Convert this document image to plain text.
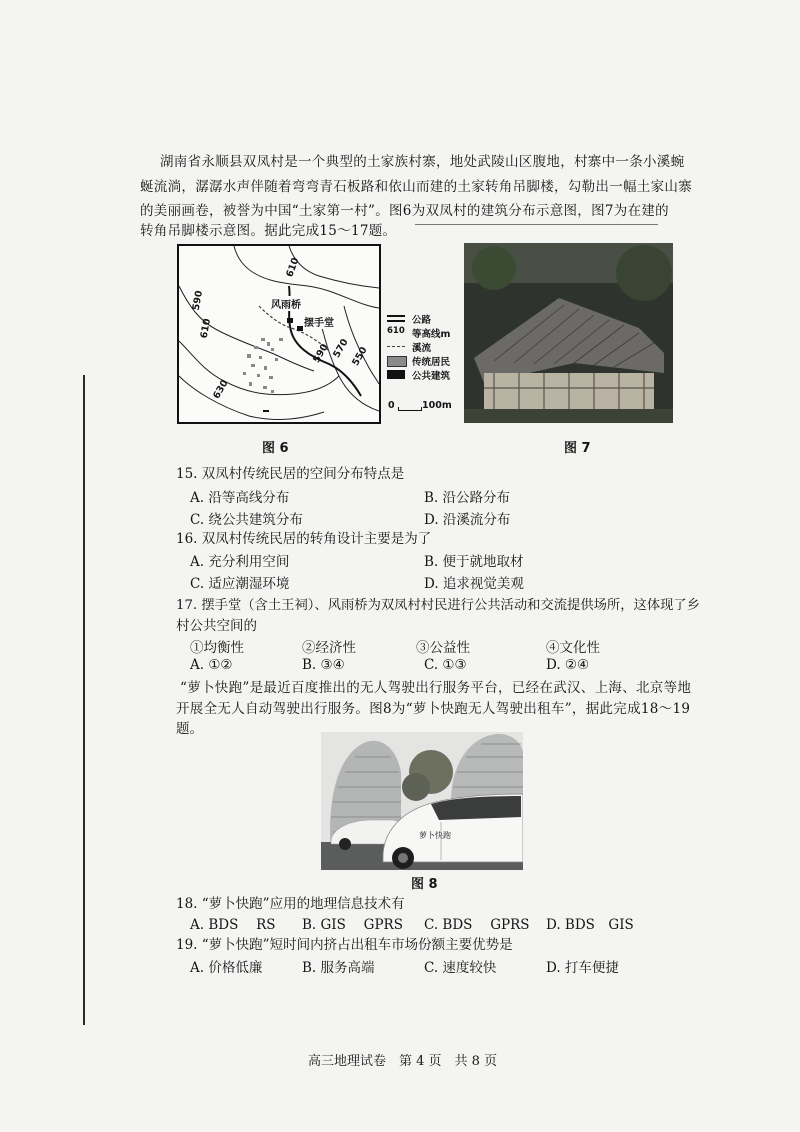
湖南省永顺县双凤村是一个典型的土家族村寨，地处武陵山区腹地，村寨中一条小溪蜿
蜒流淌，潺潺水声伴随着弯弯青石板路和依山而建的土家转角吊脚楼，勾勒出一幅土家山寨
的美丽画卷，被誉为中国“土家第一村”。图6为双凤村的建筑分布示意图，图7为在建的
转角吊脚楼示意图。据此完成15～17题。
610
590
610
630
590 570 550
风雨桥
摆手堂	公路
610 等高线m
溪流
传统居民
公共建筑
0	100m
图 6	图 7
15. 双凤村传统民居的空间分布特点是
A. 沿等高线分布	B. 沿公路分布
C. 绕公共建筑分布	D. 沿溪流分布
16. 双凤村传统民居的转角设计主要是为了
A. 充分利用空间	B. 便于就地取材
C. 适应潮湿环境	D. 追求视觉美观
17. 摆手堂（含土王祠）、风雨桥为双凤村村民进行公共活动和交流提供场所，这体现了乡
村公共空间的
①均衡性	②经济性	③公益性	④文化性
A. ①②	B. ③④	C. ①③	D. ②④
“萝卜快跑”是最近百度推出的无人驾驶出行服务平台，已经在武汉、上海、北京等地
开展全无人自动驾驶出行服务。图8为“萝卜快跑无人驾驶出租车”，据此完成18～19
题。
萝卜快跑
图 8
18. “萝卜快跑”应用的地理信息技术有
A. BDS　 RS B. GIS　 GPRS C. BDS　 GPRS D. BDS　GIS
19. “萝卜快跑”短时间内挤占出租车市场份额主要优势是
A. 价格低廉	B. 服务高端	C. 速度较快	D. 打车便捷
高三地理试卷　第 4 页　共 8 页
